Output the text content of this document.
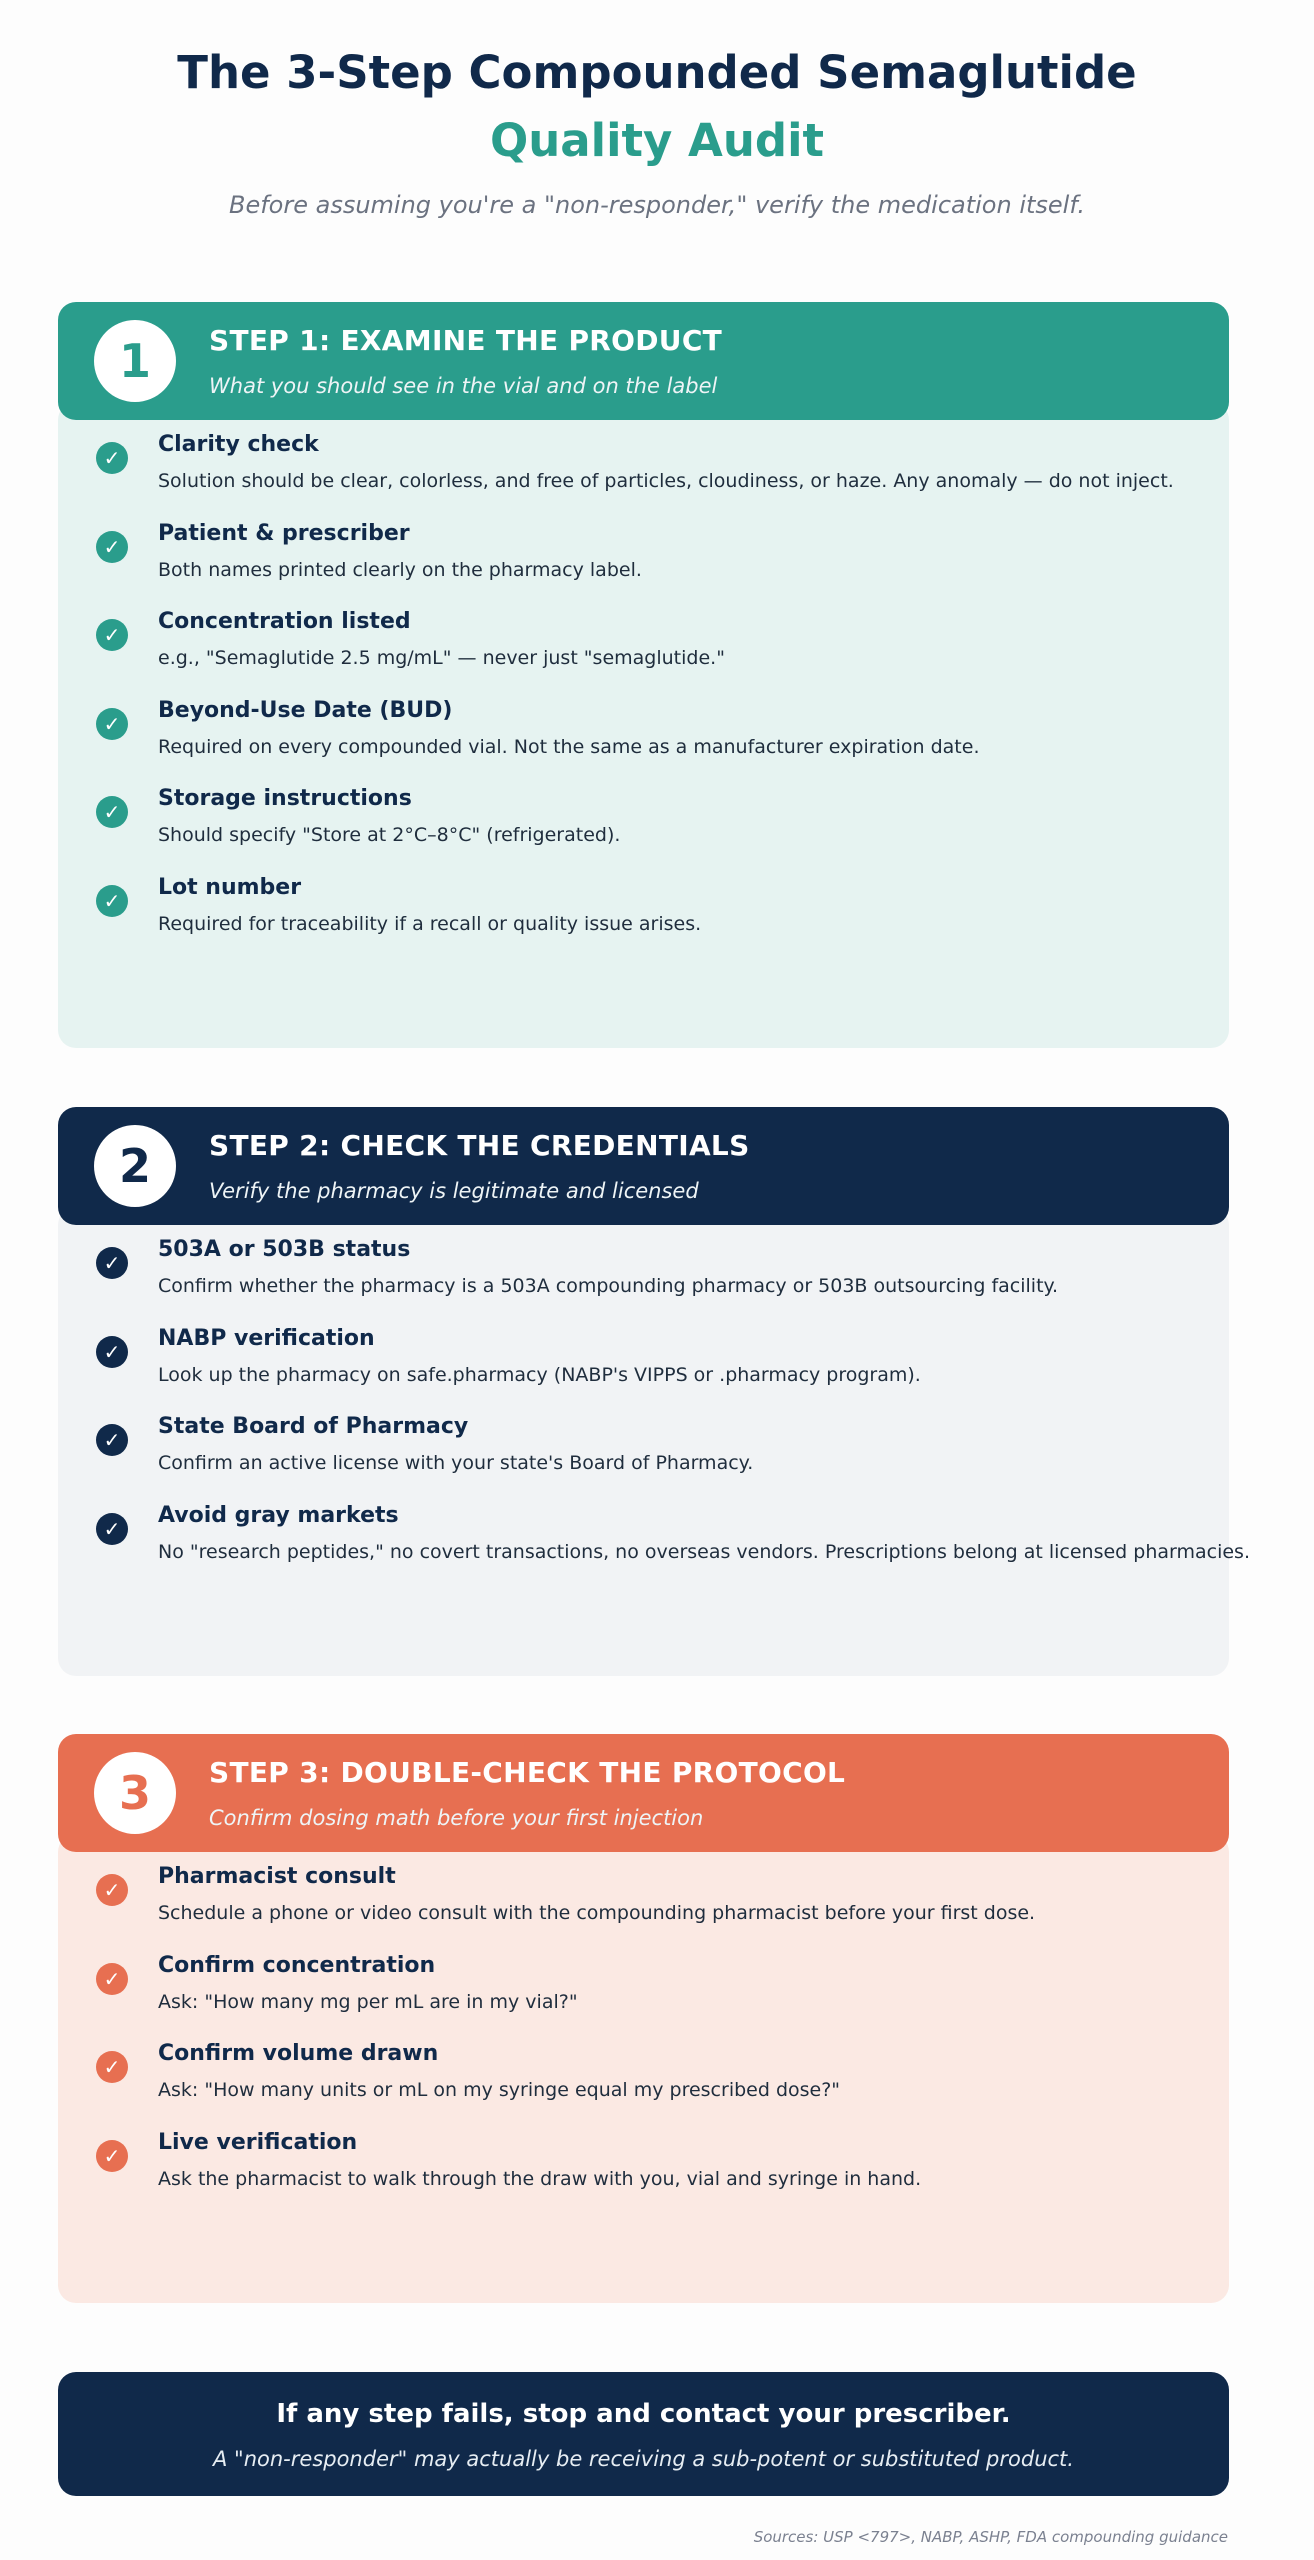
The 3-Step Compounded Semaglutide
Quality Audit
Before assuming you're a "non-responder," verify the medication itself.
1	STEP 1: EXAMINE THE PRODUCT
What you should see in the vial and on the label
✓
Clarity check
Solution should be clear, colorless, and free of particles, cloudiness, or haze. Any anomaly — do not inject.
✓
Patient & prescriber
Both names printed clearly on the pharmacy label.
✓
Concentration listed
e.g., "Semaglutide 2.5 mg/mL" — never just "semaglutide."
✓
Beyond-Use Date (BUD)
Required on every compounded vial. Not the same as a manufacturer expiration date.
✓
Storage instructions
Should specify "Store at 2°C–8°C" (refrigerated).
✓
Lot number
Required for traceability if a recall or quality issue arises.
2	STEP 2: CHECK THE CREDENTIALS
Verify the pharmacy is legitimate and licensed
✓
503A or 503B status
Confirm whether the pharmacy is a 503A compounding pharmacy or 503B outsourcing facility.
✓
NABP verification
Look up the pharmacy on safe.pharmacy (NABP's VIPPS or .pharmacy program).
✓
State Board of Pharmacy
Confirm an active license with your state's Board of Pharmacy.
✓
Avoid gray markets
No "research peptides," no covert transactions, no overseas vendors. Prescriptions belong at licensed pharmacies.
3	STEP 3: DOUBLE-CHECK THE PROTOCOL
Confirm dosing math before your first injection
✓
Pharmacist consult
Schedule a phone or video consult with the compounding pharmacist before your first dose.
✓
Confirm concentration
Ask: "How many mg per mL are in my vial?"
✓
Confirm volume drawn
Ask: "How many units or mL on my syringe equal my prescribed dose?"
✓
Live verification
Ask the pharmacist to walk through the draw with you, vial and syringe in hand.
If any step fails, stop and contact your prescriber.
A "non-responder" may actually be receiving a sub-potent or substituted product.
Sources: USP <797>, NABP, ASHP, FDA compounding guidance
